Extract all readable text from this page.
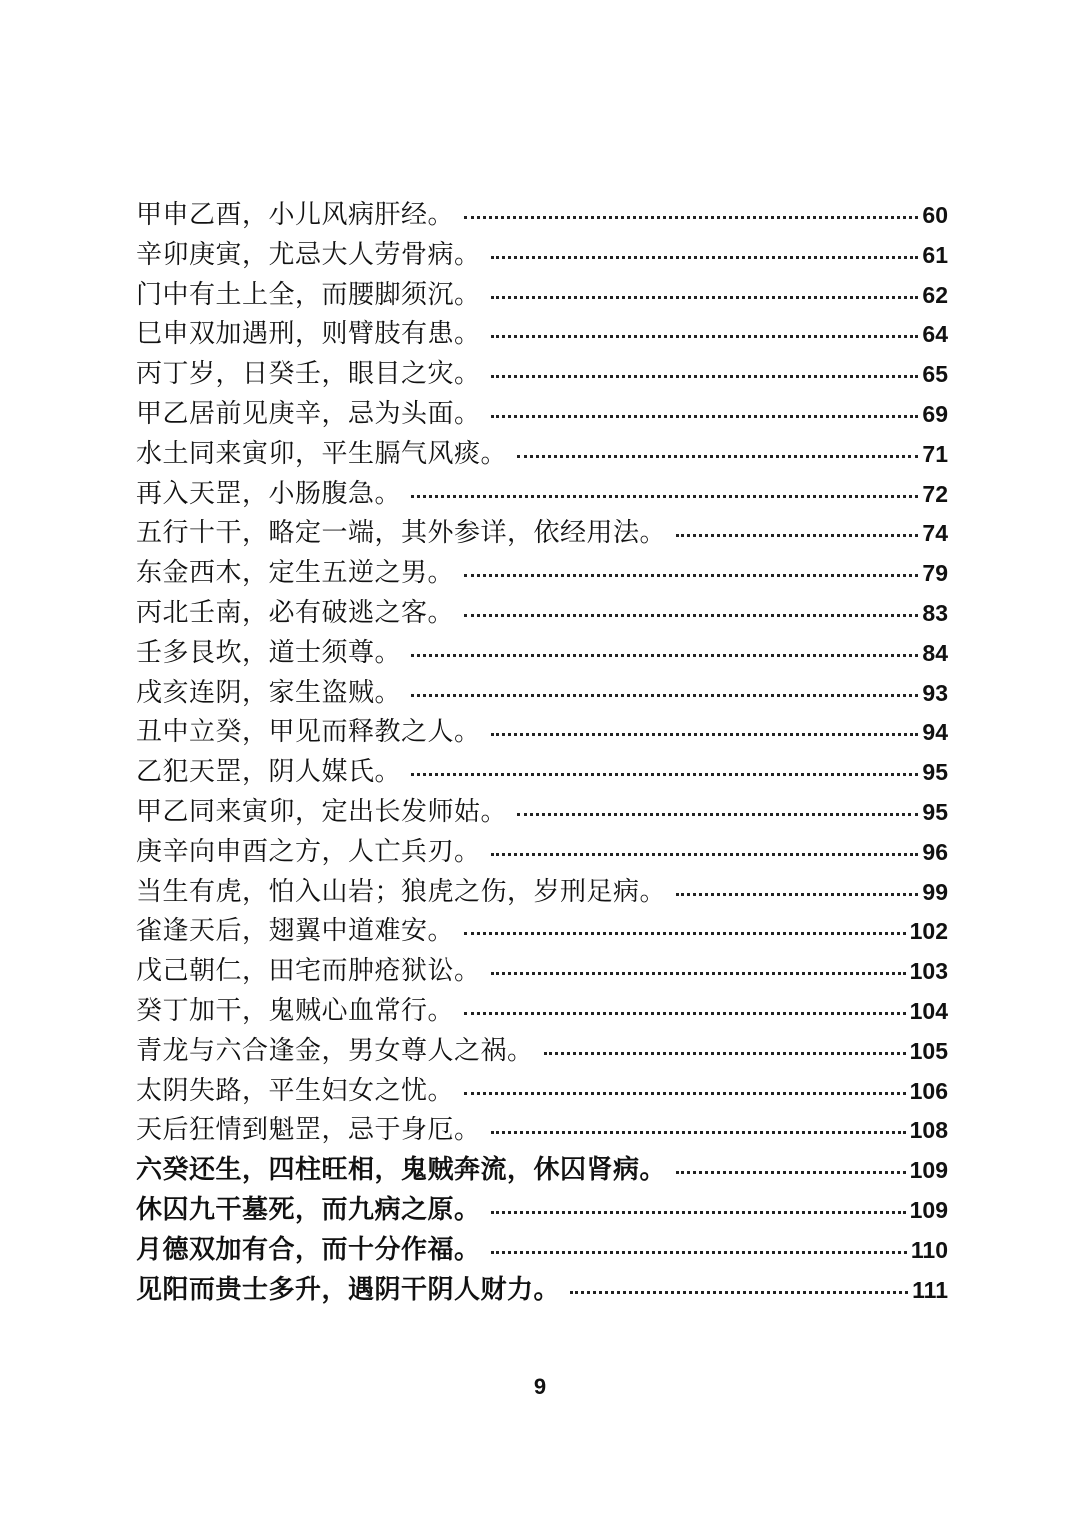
甲申乙酉，小儿风病肝经。	60
辛卯庚寅，尤忌大人劳骨病。	61
门中有土上全，而腰脚须沉。	62
巳申双加遇刑，则臂肢有患。	64
丙丁岁，日癸壬，眼目之灾。	65
甲乙居前见庚辛，忌为头面。	69
水土同来寅卯，平生膈气风痰。	71
再入天罡，小肠腹急。	72
五行十干，略定一端，其外参详，依经用法。	74
东金西木，定生五逆之男。	79
丙北壬南，必有破逃之客。	83
壬多艮坎，道士须尊。	84
戌亥连阴，家生盗贼。	93
丑中立癸，甲见而释教之人。	94
乙犯天罡，阴人媒氏。	95
甲乙同来寅卯，定出长发师姑。	95
庚辛向申酉之方，人亡兵刃。	96
当生有虎，怕入山岩；狼虎之伤，岁刑足病。	99
雀逢天后，翅翼中道难安。	102
戊己朝仁，田宅而肿疮狱讼。	103
癸丁加干，鬼贼心血常行。	104
青龙与六合逢金，男女尊人之祸。	105
太阴失路，平生妇女之忧。	106
天后狂情到魁罡，忌于身厄。	108
六癸还生，四柱旺相，鬼贼奔流，休囚肾病。	109
休囚九干墓死，而九病之原。	109
月德双加有合，而十分作福。	110
见阳而贵士多升，遇阴干阴人财力。	111
9
